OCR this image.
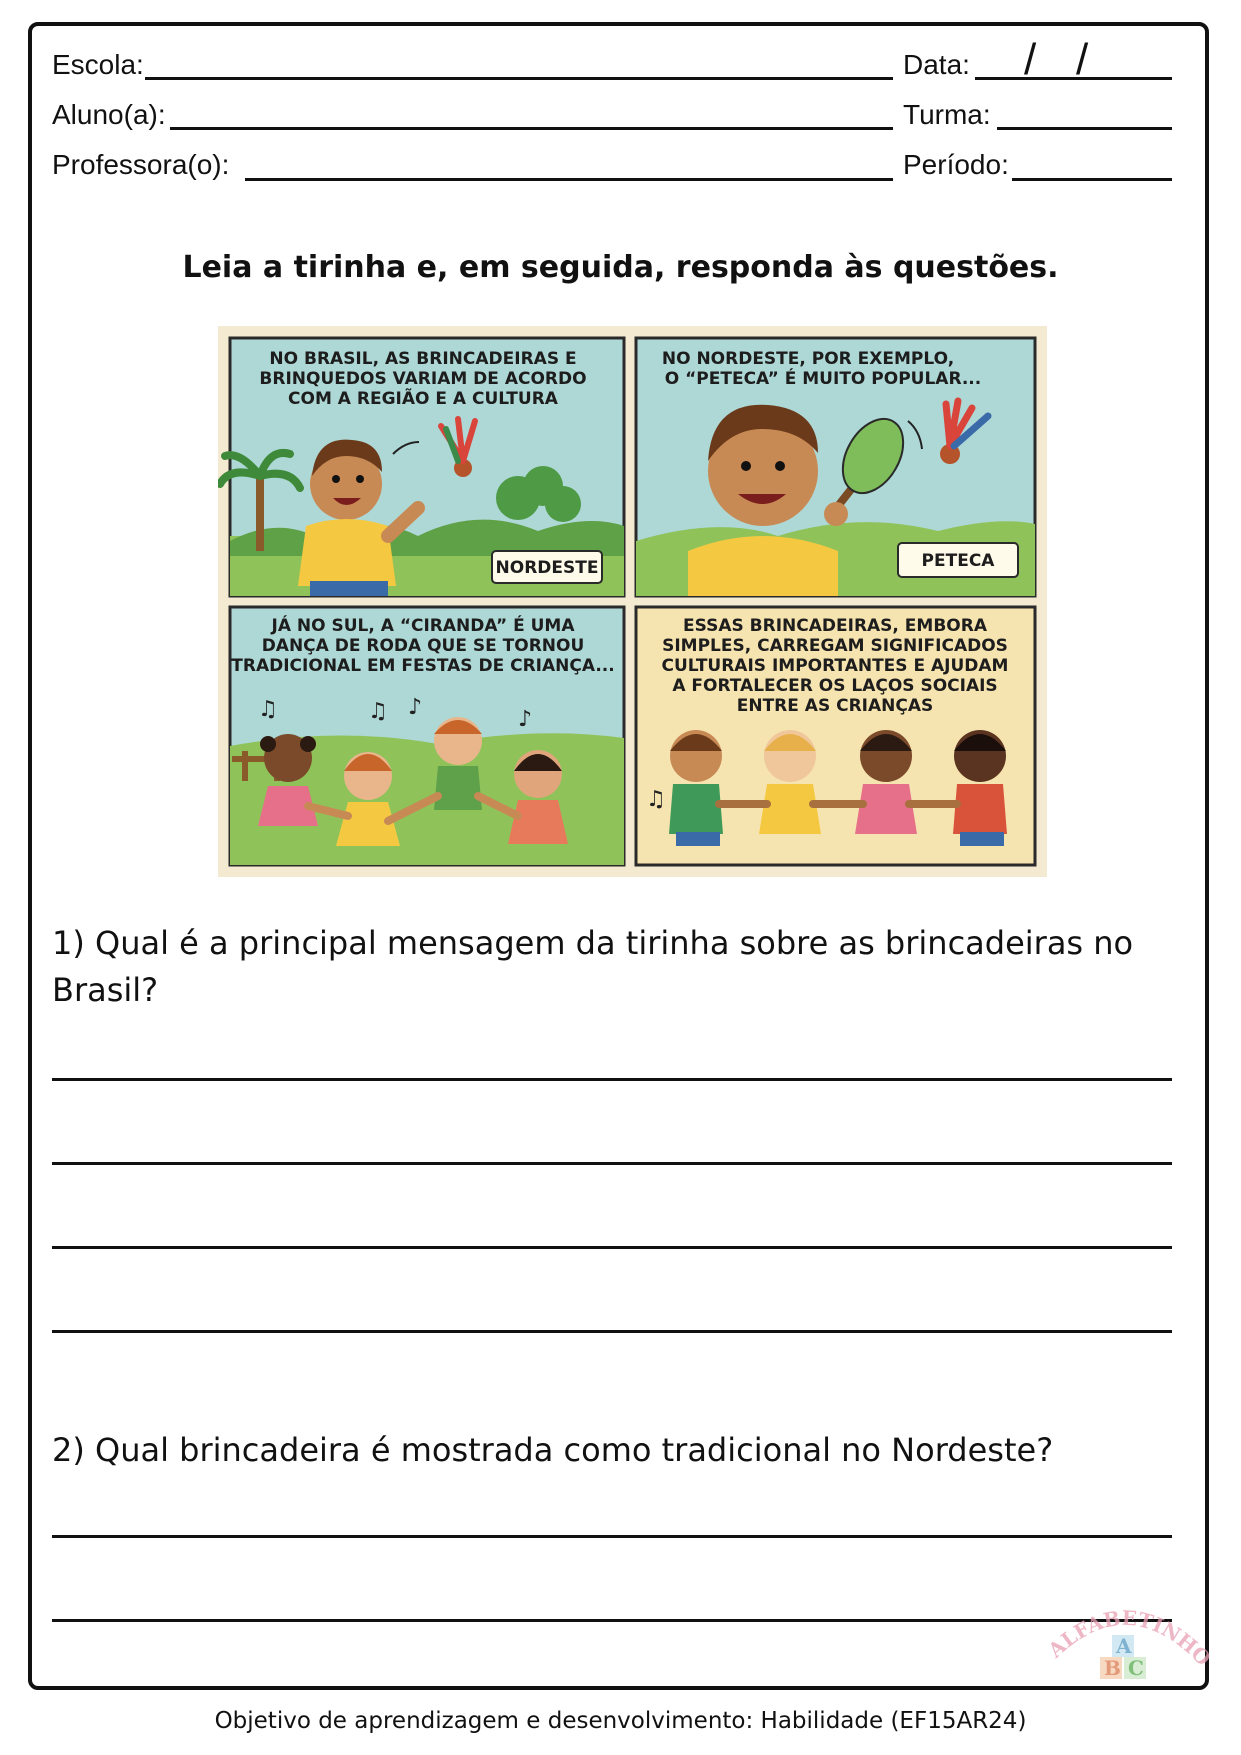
Escola:	Data: / /
Aluno(a):	Turma:
Professora(o):	Período:
Leia a tirinha e, em seguida, responda às questões.
NO BRASIL, AS BRINCADEIRAS E
BRINQUEDOS VARIAM DE ACORDO
COM A REGIÃO E A CULTURA
NORDESTE
NO NORDESTE, POR EXEMPLO,
O “PETECA” É MUITO POPULAR...
PETECA
♫	♫ ♪	♪
JÁ NO SUL, A “CIRANDA” É UMA
DANÇA DE RODA QUE SE TORNOU
TRADICIONAL EM FESTAS DE CRIANÇA...
♫
ESSAS BRINCADEIRAS, EMBORA
SIMPLES, CARREGAM SIGNIFICADOS
CULTURAIS IMPORTANTES E AJUDAM
A FORTALECER OS LAÇOS SOCIAIS
ENTRE AS CRIANÇAS
1) Qual é a principal mensagem da tirinha sobre as brincadeiras no Brasil?
2) Qual brincadeira é mostrada como tradicional no Nordeste?
ALFABETINH
A
B C
Objetivo de aprendizagem e desenvolvimento: Habilidade (EF15AR24)
